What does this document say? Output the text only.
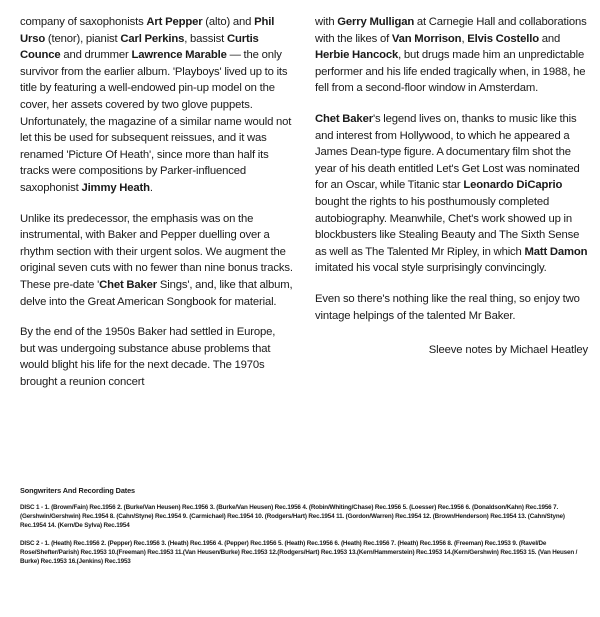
company of saxophonists Art Pepper (alto) and Phil Urso (tenor), pianist Carl Perkins, bassist Curtis Counce and drummer Lawrence Marable — the only survivor from the earlier album. 'Playboys' lived up to its title by featuring a well-endowed pin-up model on the cover, her assets covered by two glove puppets. Unfortunately, the magazine of a similar name would not let this be used for subsequent reissues, and it was renamed 'Picture Of Heath', since more than half its tracks were compositions by Parker-influenced saxophonist Jimmy Heath.

Unlike its predecessor, the emphasis was on the instrumental, with Baker and Pepper duelling over a rhythm section with their urgent solos. We augment the original seven cuts with no fewer than nine bonus tracks. These pre-date 'Chet Baker Sings', and, like that album, delve into the Great American Songbook for material.

By the end of the 1950s Baker had settled in Europe, but was undergoing substance abuse problems that would blight his life for the next decade. The 1970s brought a reunion concert

with Gerry Mulligan at Carnegie Hall and collaborations with the likes of Van Morrison, Elvis Costello and Herbie Hancock, but drugs made him an unpredictable performer and his life ended tragically when, in 1988, he fell from a second-floor window in Amsterdam.

Chet Baker's legend lives on, thanks to music like this and interest from Hollywood, to which he appeared a James Dean-type figure. A documentary film shot the year of his death entitled Let's Get Lost was nominated for an Oscar, while Titanic star Leonardo DiCaprio bought the rights to his posthumously completed autobiography. Meanwhile, Chet's work showed up in blockbusters like Stealing Beauty and The Sixth Sense as well as The Talented Mr Ripley, in which Matt Damon imitated his vocal style surprisingly convincingly.

Even so there's nothing like the real thing, so enjoy two vintage helpings of the talented Mr Baker.

Sleeve notes by Michael Heatley
Songwriters And Recording Dates
DISC 1 - 1. (Brown/Fain) Rec.1956 2. (Burke/Van Heusen) Rec.1956 3. (Burke/Van Heusen) Rec.1956 4. (Robin/Whiting/Chase) Rec.1956 5. (Loesser) Rec.1956 6. (Donaldson/Kahn) Rec.1956 7. (Gershwin/Gershwin) Rec.1954 8. (Cahn/Styne) Rec.1954 9. (Carmichael) Rec.1954 10. (Rodgers/Hart) Rec.1954 11. (Gordon/Warren) Rec.1954 12. (Brown/Henderson) Rec.1954 13. (Cahn/Styne) Rec.1954 14. (Kern/De Sylva) Rec.1954
DISC 2 - 1. (Heath) Rec.1956 2. (Pepper) Rec.1956 3. (Heath) Rec.1956 4. (Pepper) Rec.1956 5. (Heath) Rec.1956 6. (Heath) Rec.1956 7. (Heath) Rec.1956 8. (Freeman) Rec.1953 9. (Ravel/De Rose/Shefter/Parish) Rec.1953 10.(Freeman) Rec.1953 11.(Van Heusen/Burke) Rec.1953 12.(Rodgers/Hart) Rec.1953 13.(Kern/Hammerstein) Rec.1953 14.(Kern/Gershwin) Rec.1953 15. (Van Heusen / Burke) Rec.1953 16.(Jenkins) Rec.1953
